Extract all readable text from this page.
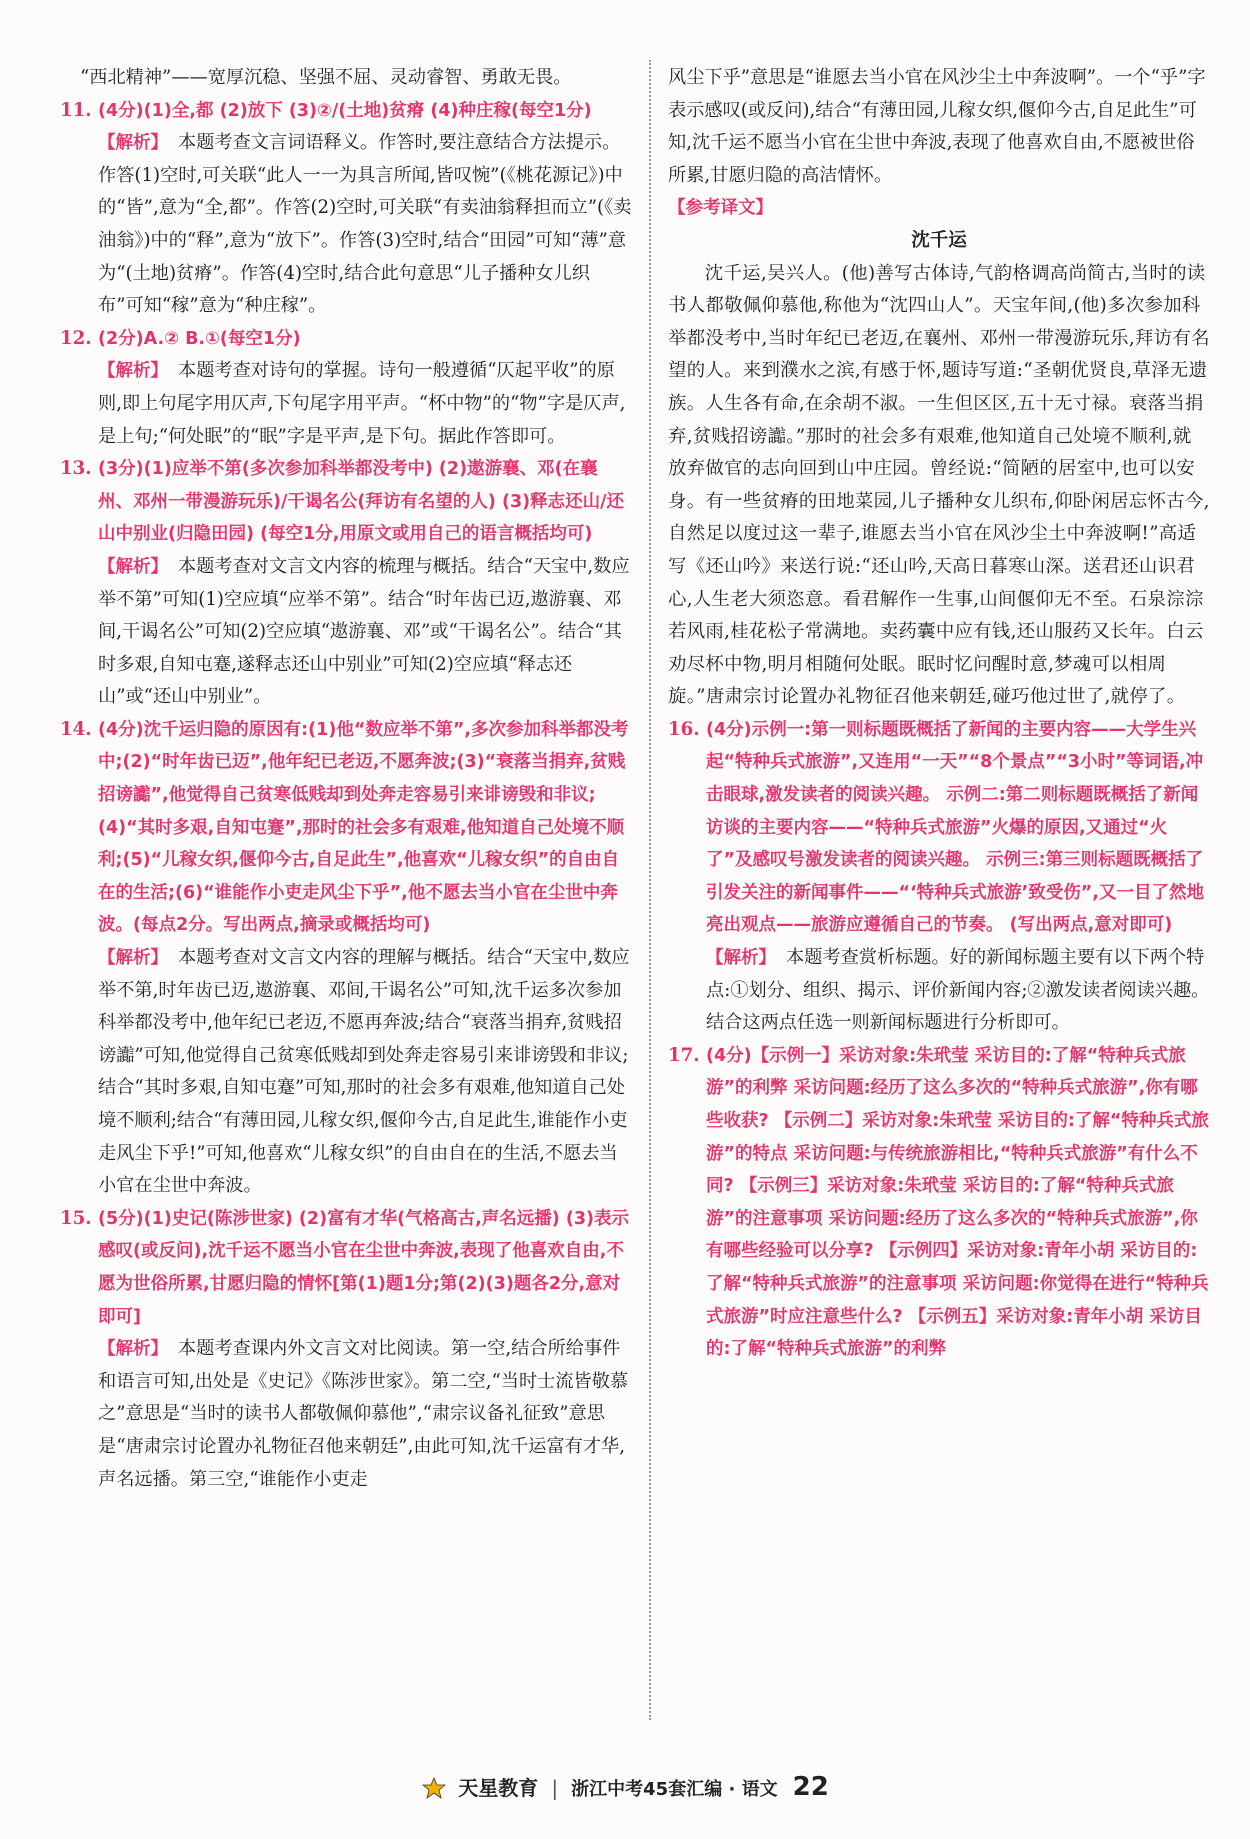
“西北精神”——宽厚沉稳、坚强不屈、灵动睿智、勇敢无畏。
11. (4分)(1)全,都 (2)放下 (3)②/(土地)贫瘠 (4)种庄稼(每空1分)
【解析】 本题考查文言词语释义。作答时,要注意结合方法提示。作答(1)空时,可关联“此人一一为具言所闻,皆叹惋”(《桃花源记》)中的“皆”,意为“全,都”。作答(2)空时,可关联“有卖油翁释担而立”(《卖油翁》)中的“释”,意为“放下”。作答(3)空时,结合“田园”可知“薄”意为“(土地)贫瘠”。作答(4)空时,结合此句意思“儿子播种女儿织布”可知“稼”意为“种庄稼”。
12. (2分)A.② B.①(每空1分)
【解析】 本题考查对诗句的掌握。诗句一般遵循“仄起平收”的原则,即上句尾字用仄声,下句尾字用平声。“杯中物”的“物”字是仄声,是上句;“何处眠”的“眠”字是平声,是下句。据此作答即可。
13. (3分)(1)应举不第(多次参加科举都没考中) (2)遨游襄、邓(在襄州、邓州一带漫游玩乐)/干谒名公(拜访有名望的人) (3)释志还山/还山中别业(归隐田园) (每空1分,用原文或用自己的语言概括均可)
【解析】 本题考查对文言文内容的梳理与概括。结合“天宝中,数应举不第”可知(1)空应填“应举不第”。结合“时年齿已迈,遨游襄、邓间,干谒名公”可知(2)空应填“遨游襄、邓”或“干谒名公”。结合“其时多艰,自知屯蹇,遂释志还山中别业”可知(2)空应填“释志还山”或“还山中别业”。
14. (4分)沈千运归隐的原因有:(1)他“数应举不第”,多次参加科举都没考中;(2)“时年齿已迈”,他年纪已老迈,不愿奔波;(3)“衰落当捐弃,贫贱招谤讟”,他觉得自己贫寒低贱却到处奔走容易引来诽谤毁和非议;(4)“其时多艰,自知屯蹇”,那时的社会多有艰难,他知道自己处境不顺利;(5)“儿稼女织,偃仰今古,自足此生”,他喜欢“儿稼女织”的自由自在的生活;(6)“谁能作小吏走风尘下乎”,他不愿去当小官在尘世中奔波。(每点2分。写出两点,摘录或概括均可)
【解析】 本题考查对文言文内容的理解与概括。结合“天宝中,数应举不第,时年齿已迈,遨游襄、邓间,干谒名公”可知,沈千运多次参加科举都没考中,他年纪已老迈,不愿再奔波;结合“衰落当捐弃,贫贱招谤讟”可知,他觉得自己贫寒低贱却到处奔走容易引来诽谤毁和非议;结合“其时多艰,自知屯蹇”可知,那时的社会多有艰难,他知道自己处境不顺利;结合“有薄田园,儿稼女织,偃仰今古,自足此生,谁能作小吏走风尘下乎!”可知,他喜欢“儿稼女织”的自由自在的生活,不愿去当小官在尘世中奔波。
15. (5分)(1)史记(陈涉世家) (2)富有才华(气格高古,声名远播) (3)表示感叹(或反问),沈千运不愿当小官在尘世中奔波,表现了他喜欢自由,不愿为世俗所累,甘愿归隐的情怀[第(1)题1分;第(2)(3)题各2分,意对即可]
【解析】 本题考查课内外文言文对比阅读。第一空,结合所给事件和语言可知,出处是《史记》《陈涉世家》。第二空,“当时士流皆敬慕之”意思是“当时的读书人都敬佩仰慕他”,“肃宗议备礼征致”意思是“唐肃宗讨论置办礼物征召他来朝廷”,由此可知,沈千运富有才华,声名远播。第三空,“谁能作小吏走
风尘下乎”意思是“谁愿去当小官在风沙尘土中奔波啊”。一个“乎”字表示感叹(或反问),结合“有薄田园,儿稼女织,偃仰今古,自足此生”可知,沈千运不愿当小官在尘世中奔波,表现了他喜欢自由,不愿被世俗所累,甘愿归隐的高洁情怀。
【参考译文】
沈千运
沈千运,吴兴人。(他)善写古体诗,气韵格调高尚简古,当时的读书人都敬佩仰慕他,称他为“沈四山人”。天宝年间,(他)多次参加科举都没考中,当时年纪已老迈,在襄州、邓州一带漫游玩乐,拜访有名望的人。来到濮水之滨,有感于怀,题诗写道:“圣朝优贤良,草泽无遗族。人生各有命,在余胡不淑。一生但区区,五十无寸禄。衰落当捐弃,贫贱招谤讟。”那时的社会多有艰难,他知道自己处境不顺利,就放弃做官的志向回到山中庄园。曾经说:“简陋的居室中,也可以安身。有一些贫瘠的田地菜园,儿子播种女儿织布,仰卧闲居忘怀古今,自然足以度过这一辈子,谁愿去当小官在风沙尘土中奔波啊!”高适写《还山吟》来送行说:“还山吟,天高日暮寒山深。送君还山识君心,人生老大须恣意。看君解作一生事,山间偃仰无不至。石泉淙淙若风雨,桂花松子常满地。卖药囊中应有钱,还山服药又长年。白云劝尽杯中物,明月相随何处眠。眠时忆问醒时意,梦魂可以相周旋。”唐肃宗讨论置办礼物征召他来朝廷,碰巧他过世了,就停了。
16. (4分)示例一:第一则标题既概括了新闻的主要内容——大学生兴起“特种兵式旅游”,又连用“一天”“8个景点”“3小时”等词语,冲击眼球,激发读者的阅读兴趣。 示例二:第二则标题既概括了新闻访谈的主要内容——“特种兵式旅游”火爆的原因,又通过“火了”及感叹号激发读者的阅读兴趣。 示例三:第三则标题既概括了引发关注的新闻事件——“‘特种兵式旅游’致受伤”,又一目了然地亮出观点——旅游应遵循自己的节奏。 (写出两点,意对即可)
【解析】 本题考查赏析标题。好的新闻标题主要有以下两个特点:①划分、组织、揭示、评价新闻内容;②激发读者阅读兴趣。结合这两点任选一则新闻标题进行分析即可。
17. (4分)【示例一】采访对象:朱玳莹 采访目的:了解“特种兵式旅游”的利弊 采访问题:经历了这么多次的“特种兵式旅游”,你有哪些收获? 【示例二】采访对象:朱玳莹 采访目的:了解“特种兵式旅游”的特点 采访问题:与传统旅游相比,“特种兵式旅游”有什么不同? 【示例三】采访对象:朱玳莹 采访目的:了解“特种兵式旅游”的注意事项 采访问题:经历了这么多次的“特种兵式旅游”,你有哪些经验可以分享? 【示例四】采访对象:青年小胡 采访目的:了解“特种兵式旅游”的注意事项 采访问题:你觉得在进行“特种兵式旅游”时应注意些什么? 【示例五】采访对象:青年小胡 采访目的:了解“特种兵式旅游”的利弊
天星教育 | 浙江中考45套汇编 · 语文 22
